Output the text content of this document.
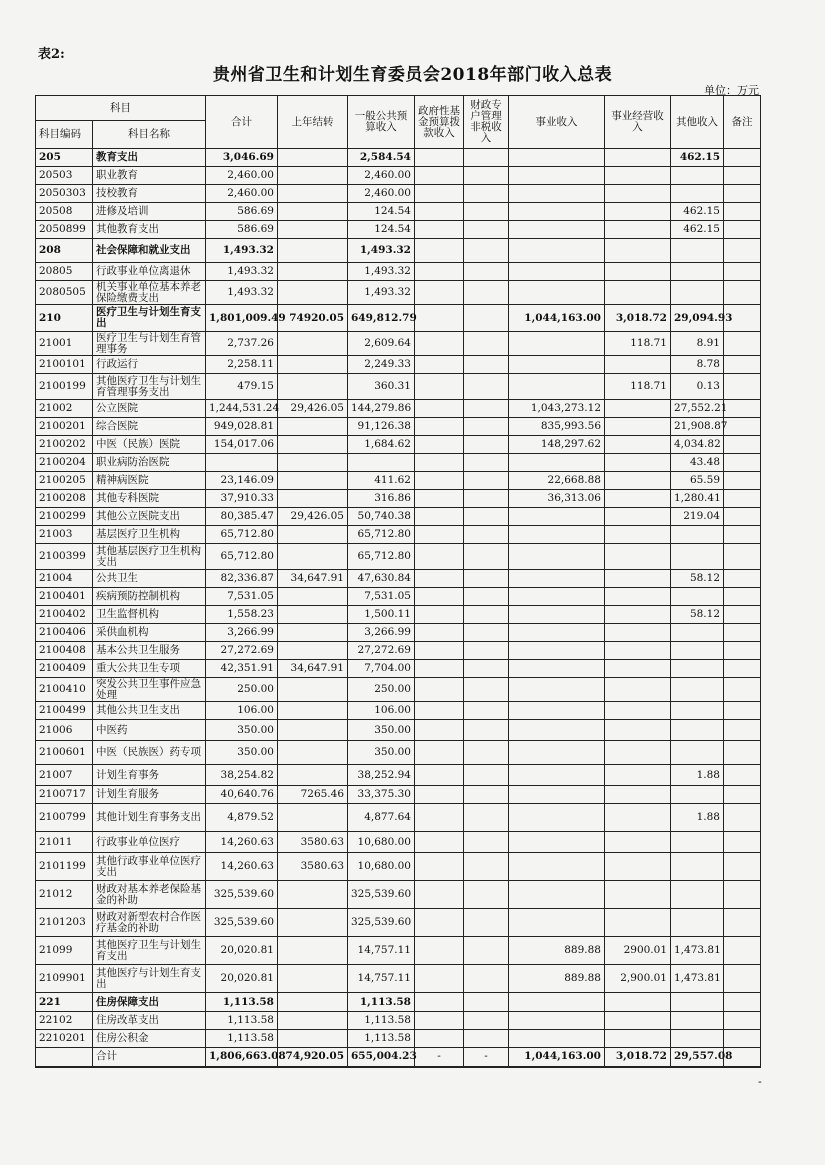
表2:
贵州省卫生和计划生育委员会2018年部门收入总表
单位：万元
科目		合计	上年结转	一般公共预算收入	政府性基金预算拨款收入	财政专户管理非税收入	事业收入	事业经营收入	其他收入	备注
科目编码	科目名称									
205	教育支出	3,046.69		2,584.54					462.15	
20503	职业教育	2,460.00		2,460.00						
2050303	技校教育	2,460.00		2,460.00						
20508	进修及培训	586.69		124.54					462.15	
2050899	其他教育支出	586.69		124.54					462.15	
208	社会保障和就业支出	1,493.32		1,493.32						
20805	行政事业单位离退休	1,493.32		1,493.32						
2080505	机关事业单位基本养老保险缴费支出	1,493.32		1,493.32						
210	医疗卫生与计划生育支出	1,801,009.49	74920.05	649,812.79			1,044,163.00	3,018.72	29,094.93	
21001	医疗卫生与计划生育管理事务	2,737.26		2,609.64				118.71	8.91	
2100101	行政运行	2,258.11		2,249.33					8.78	
2100199	其他医疗卫生与计划生育管理事务支出	479.15		360.31				118.71	0.13	
21002	公立医院	1,244,531.24	29,426.05	144,279.86			1,043,273.12		27,552.21	
2100201	综合医院	949,028.81		91,126.38			835,993.56		21,908.87	
2100202	中医（民族）医院	154,017.06		1,684.62			148,297.62		4,034.82	
2100204	职业病防治医院								43.48	
2100205	精神病医院	23,146.09		411.62			22,668.88		65.59	
2100208	其他专科医院	37,910.33		316.86			36,313.06		1,280.41	
2100299	其他公立医院支出	80,385.47	29,426.05	50,740.38					219.04	
21003	基层医疗卫生机构	65,712.80		65,712.80						
2100399	其他基层医疗卫生机构支出	65,712.80		65,712.80						
21004	公共卫生	82,336.87	34,647.91	47,630.84					58.12	
2100401	疾病预防控制机构	7,531.05		7,531.05						
2100402	卫生监督机构	1,558.23		1,500.11					58.12	
2100406	采供血机构	3,266.99		3,266.99						
2100408	基本公共卫生服务	27,272.69		27,272.69						
2100409	重大公共卫生专项	42,351.91	34,647.91	7,704.00						
2100410	突发公共卫生事件应急处理	250.00		250.00						
2100499	其他公共卫生支出	106.00		106.00						
21006	中医药	350.00		350.00						
2100601	中医（民族医）药专项	350.00		350.00						
21007	计划生育事务	38,254.82		38,252.94					1.88	
2100717	计划生育服务	40,640.76	7265.46	33,375.30						
2100799	其他计划生育事务支出	4,879.52		4,877.64					1.88	
21011	行政事业单位医疗	14,260.63	3580.63	10,680.00						
2101199	其他行政事业单位医疗支出	14,260.63	3580.63	10,680.00						
21012	财政对基本养老保险基金的补助	325,539.60		325,539.60						
2101203	财政对新型农村合作医疗基金的补助	325,539.60		325,539.60						
21099	其他医疗卫生与计划生育支出	20,020.81		14,757.11			889.88	2900.01	1,473.81	
2109901	其他医疗与计划生育支出	20,020.81		14,757.11			889.88	2,900.01	1,473.81	
221	住房保障支出	1,113.58		1,113.58						
22102	住房改革支出	1,113.58		1,113.58						
2210201	住房公积金	1,113.58		1,113.58						
	合计	1,806,663.08	74,920.05	655,004.23	-	-	1,044,163.00	3,018.72	29,557.08	
-
